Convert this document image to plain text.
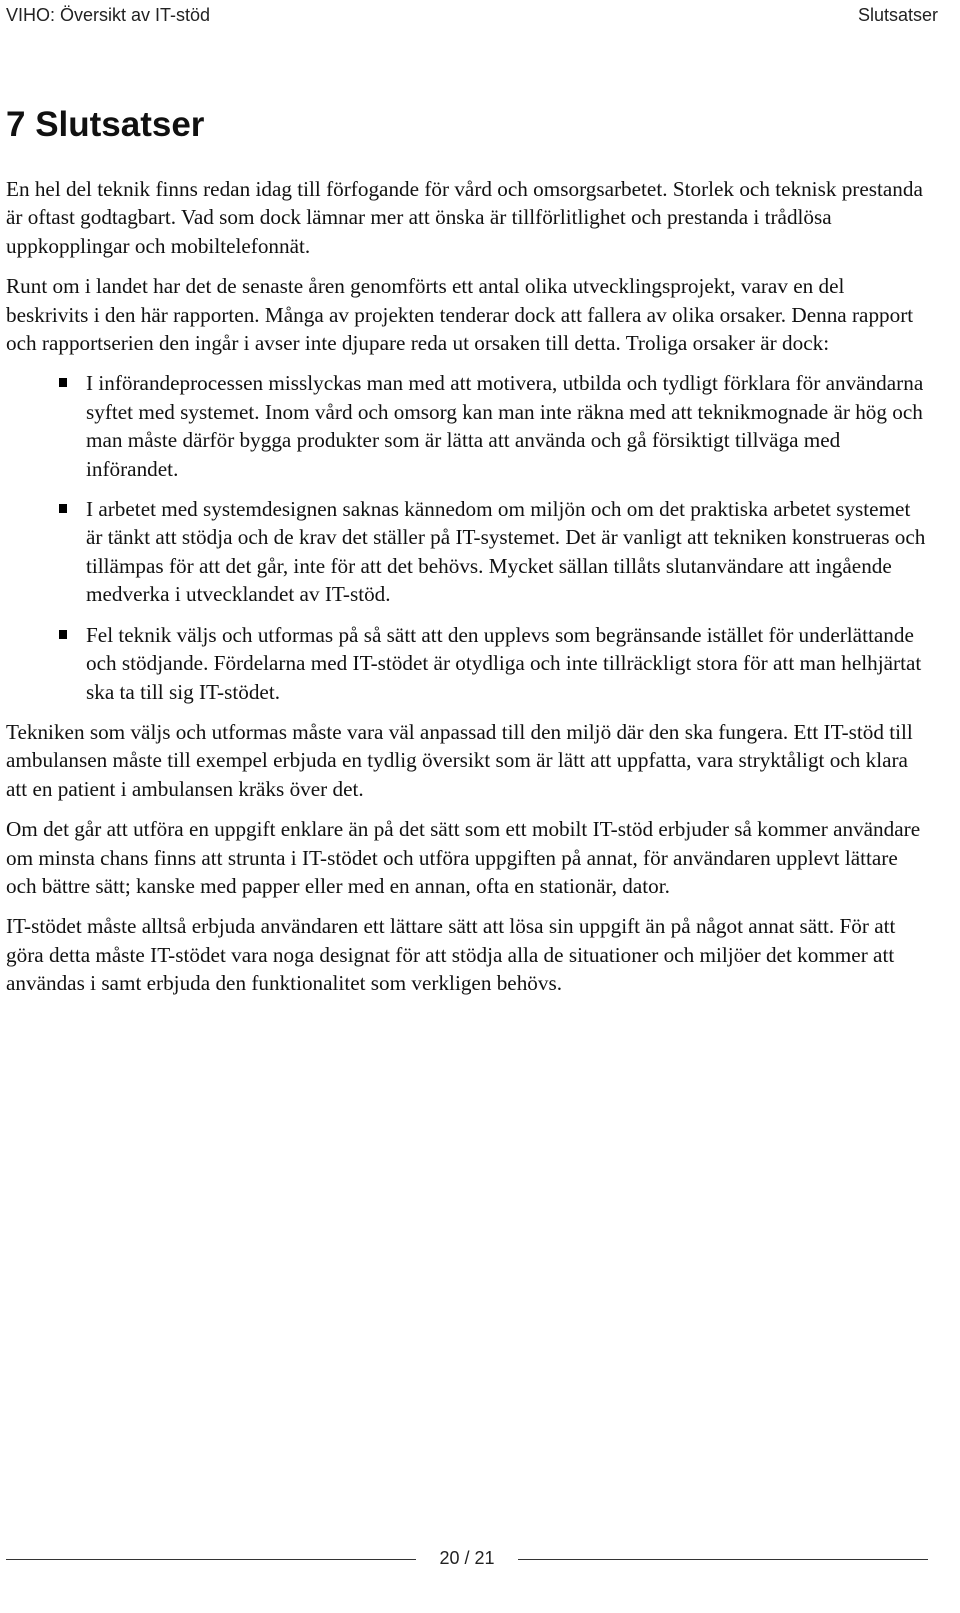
VIHO: Översikt av IT-stöd	Slutsatser
7 Slutsatser

En hel del teknik finns redan idag till förfogande för vård och omsorgsarbetet. Storlek och teknisk prestanda är oftast godtagbart. Vad som dock lämnar mer att önska är tillförlitlighet och prestanda i trådlösa uppkopplingar och mobiltelefonnät.

Runt om i landet har det de senaste åren genomförts ett antal olika utvecklingsprojekt, varav en del beskrivits i den här rapporten. Många av projekten tenderar dock att fallera av olika orsaker. Denna rapport och rapportserien den ingår i avser inte djupare reda ut orsaken till detta. Troliga orsaker är dock:

I införandeprocessen misslyckas man med att motivera, utbilda och tydligt förklara för användarna syftet med systemet. Inom vård och omsorg kan man inte räkna med att teknikmognade är hög och man måste därför bygga produkter som är lätta att använda och gå försiktigt tillväga med införandet.
I arbetet med systemdesignen saknas kännedom om miljön och om det praktiska arbetet systemet är tänkt att stödja och de krav det ställer på IT-systemet. Det är vanligt att tekniken konstrueras och tillämpas för att det går, inte för att det behövs. Mycket sällan tillåts slutanvändare att ingående medverka i utvecklandet av IT-stöd.
Fel teknik väljs och utformas på så sätt att den upplevs som begränsande istället för underlättande och stödjande. Fördelarna med IT-stödet är otydliga och inte tillräckligt stora för att man helhjärtat ska ta till sig IT-stödet.

Tekniken som väljs och utformas måste vara väl anpassad till den miljö där den ska fungera. Ett IT-stöd till ambulansen måste till exempel erbjuda en tydlig översikt som är lätt att uppfatta, vara stryktåligt och klara att en patient i ambulansen kräks över det.

Om det går att utföra en uppgift enklare än på det sätt som ett mobilt IT-stöd erbjuder så kommer användare om minsta chans finns att strunta i IT-stödet och utföra uppgiften på annat, för användaren upplevt lättare och bättre sätt; kanske med papper eller med en annan, ofta en stationär, dator.

IT-stödet måste alltså erbjuda användaren ett lättare sätt att lösa sin uppgift än på något annat sätt. För att göra detta måste IT-stödet vara noga designat för att stödja alla de situationer och miljöer det kommer att användas i samt erbjuda den funktionalitet som verkligen behövs.

20 / 21
